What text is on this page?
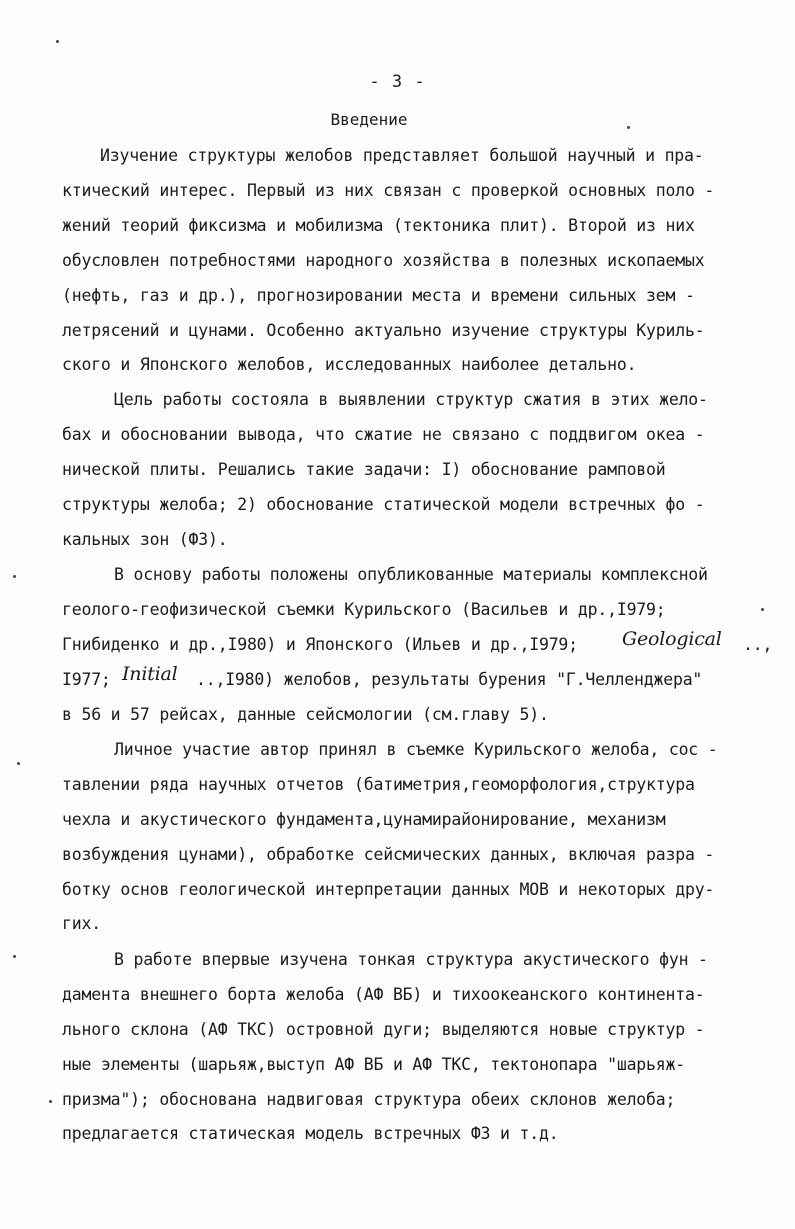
- 3 -
Введение
Изучение структуры желобов представляет большой научный и пра-
ктический интерес. Первый из них связан с проверкой основных поло -
жений теорий фиксизма и мобилизма (тектоника плит). Второй из них
обусловлен потребностями народного хозяйства в полезных ископаемых
(нефть, газ и др.), прогнозировании места и времени сильных зем -
летрясений и цунами. Особенно актуально изучение структуры Куриль-
ского и Японского желобов, исследованных наиболее детально.
Цель работы состояла в выявлении структур сжатия в этих жело-
бах и обосновании вывода, что сжатие не связано с поддвигом океа -
нической плиты. Решались такие задачи: I) обоснование рамповой
структуры желоба; 2) обоснование статической модели встречных фо -
кальных зон (ФЗ).
В основу работы положены опубликованные материалы комплексной
геолого-геофизической съемки Курильского (Васильев и др.,I979;
Гнибиденко и др.,I980) и Японского (Ильев и др.,I979; Geological ..,
I977; Initial ..,I980) желобов, результаты бурения "Г.Челленджера"
в 56 и 57 рейсах, данные сейсмологии (см.главу 5).
Личное участие автор принял в съемке Курильского желоба, сос -
тавлении ряда научных отчетов (батиметрия,геоморфология,структура
чехла и акустического фундамента,цунамирайонирование, механизм
возбуждения цунами), обработке сейсмических данных, включая разра -
ботку основ геологической интерпретации данных МОВ и некоторых дру-
гих.
В работе впервые изучена тонкая структура акустического фун -
дамента внешнего борта желоба (АФ ВБ) и тихоокеанского континента-
льного склона (АФ ТКС) островной дуги; выделяются новые структур -
ные элементы (шарьяж,выступ АФ ВБ и АФ ТКС, тектонопара "шарьяж-
призма"); обоснована надвиговая структура обеих склонов желоба;
предлагается статическая модель встречных ФЗ и т.д.
